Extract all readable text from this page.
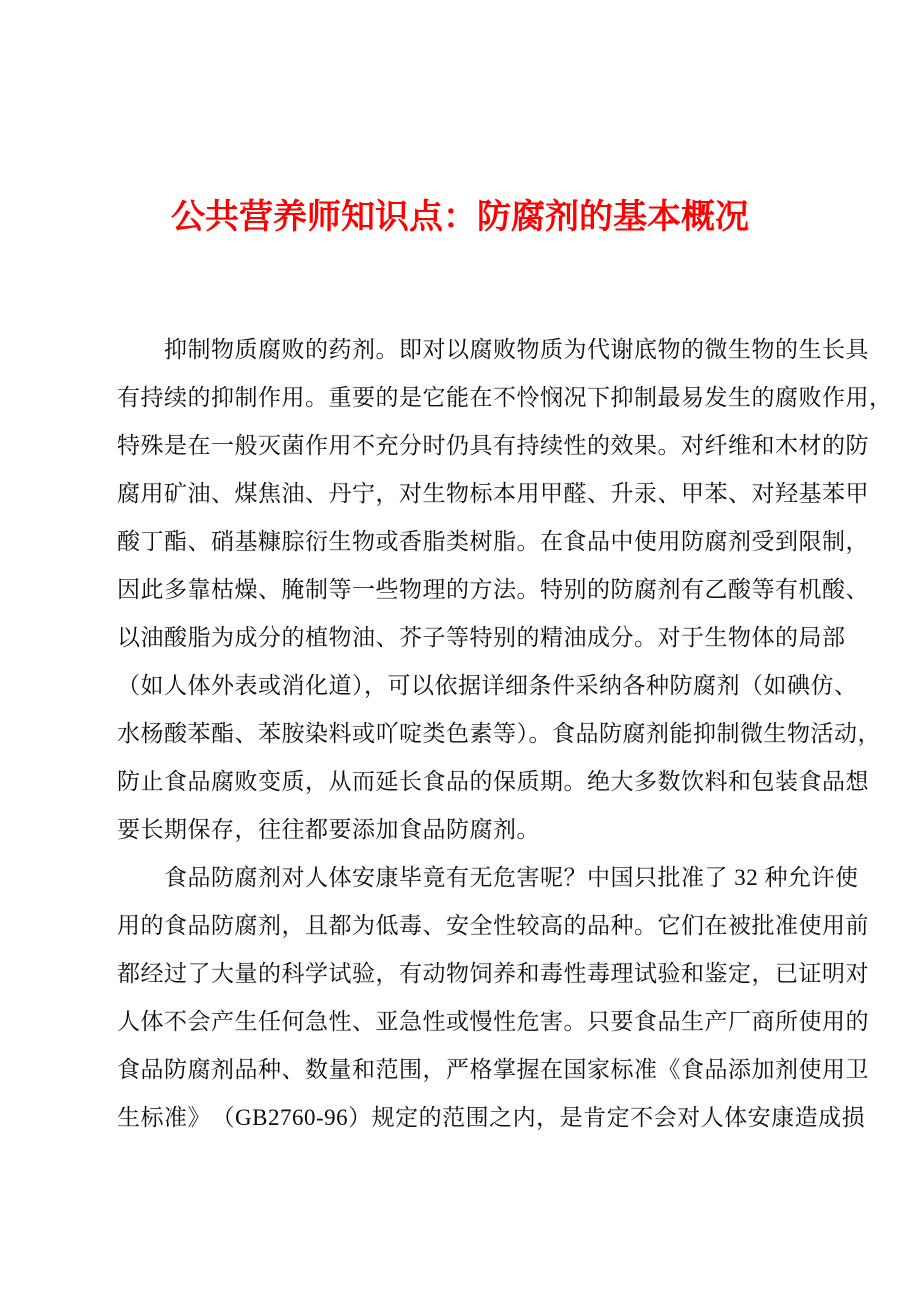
公共营养师知识点：防腐剂的基本概况
　　抑制物质腐败的药剂。即对以腐败物质为代谢底物的微生物的生长具
有持续的抑制作用。重要的是它能在不怜悯况下抑制最易发生的腐败作用，
特殊是在一般灭菌作用不充分时仍具有持续性的效果。对纤维和木材的防
腐用矿油、煤焦油、丹宁，对生物标本用甲醛、升汞、甲苯、对羟基苯甲
酸丁酯、硝基糠腙衍生物或香脂类树脂。在食品中使用防腐剂受到限制，
因此多靠枯燥、腌制等一些物理的方法。特别的防腐剂有乙酸等有机酸、
以油酸脂为成分的植物油、芥子等特别的精油成分。对于生物体的局部
（如人体外表或消化道），可以依据详细条件采纳各种防腐剂（如碘仿、
水杨酸苯酯、苯胺染料或吖啶类色素等）。食品防腐剂能抑制微生物活动，
防止食品腐败变质，从而延长食品的保质期。绝大多数饮料和包装食品想
要长期保存，往往都要添加食品防腐剂。
　　食品防腐剂对人体安康毕竟有无危害呢？中国只批准了 32 种允许使
用的食品防腐剂，且都为低毒、安全性较高的品种。它们在被批准使用前
都经过了大量的科学试验，有动物饲养和毒性毒理试验和鉴定，已证明对
人体不会产生任何急性、亚急性或慢性危害。只要食品生产厂商所使用的
食品防腐剂品种、数量和范围，严格掌握在国家标准《食品添加剂使用卫
生标准》　（GB2760-96）规定的范围之内，是肯定不会对人体安康造成损
